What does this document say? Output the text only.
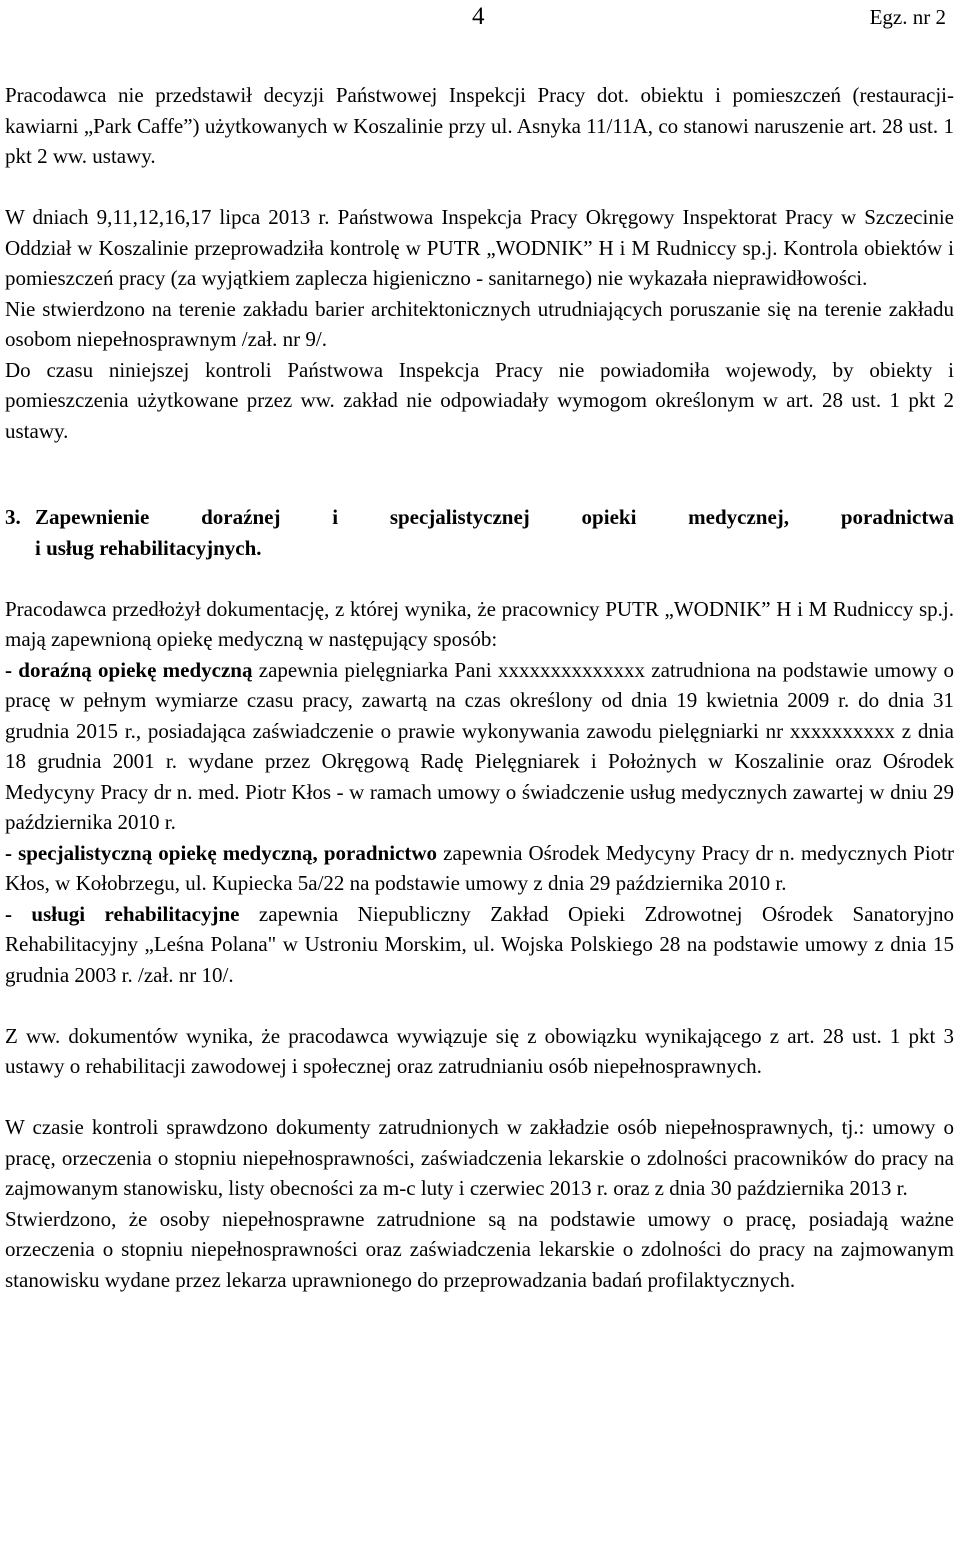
4	Egz. nr 2

Pracodawca nie przedstawił decyzji Państwowej Inspekcji Pracy dot. obiektu i pomieszczeń (restauracji-kawiarni „Park Caffe”) użytkowanych w Koszalinie przy ul. Asnyka 11/11A, co stanowi naruszenie art. 28 ust. 1 pkt 2 ww. ustawy.

W dniach 9,11,12,16,17 lipca 2013 r. Państwowa Inspekcja Pracy Okręgowy Inspektorat Pracy w Szczecinie Oddział w Koszalinie przeprowadziła kontrolę w PUTR „WODNIK” H i M Rudniccy sp.j. Kontrola obiektów i pomieszczeń pracy (za wyjątkiem zaplecza higieniczno - sanitarnego) nie wykazała nieprawidłowości.

Nie stwierdzono na terenie zakładu barier architektonicznych utrudniających poruszanie się na terenie zakładu osobom niepełnosprawnym /zał. nr 9/.

Do czasu niniejszej kontroli Państwowa Inspekcja Pracy nie powiadomiła wojewody, by obiekty i pomieszczenia użytkowane przez ww. zakład nie odpowiadały wymogom określonym w art. 28 ust. 1 pkt 2 ustawy.

3. Zapewnienie doraźnej i specjalistycznej opieki medycznej, poradnictwa
i usług rehabilitacyjnych.

Pracodawca przedłożył dokumentację, z której wynika, że pracownicy PUTR „WODNIK” H i M Rudniccy sp.j. mają zapewnioną opiekę medyczną w następujący sposób:

- doraźną opiekę medyczną zapewnia pielęgniarka Pani xxxxxxxxxxxxxx zatrudniona na podstawie umowy o pracę w pełnym wymiarze czasu pracy, zawartą na czas określony od dnia 19 kwietnia 2009 r. do dnia 31 grudnia 2015 r., posiadająca zaświadczenie o prawie wykonywania zawodu pielęgniarki nr xxxxxxxxxx z dnia 18 grudnia 2001 r. wydane przez Okręgową Radę Pielęgniarek i Położnych w Koszalinie oraz Ośrodek Medycyny Pracy dr n. med. Piotr Kłos - w ramach umowy o świadczenie usług medycznych zawartej w dniu 29 października 2010 r.

- specjalistyczną opiekę medyczną, poradnictwo zapewnia Ośrodek Medycyny Pracy dr n. medycznych Piotr Kłos, w Kołobrzegu, ul. Kupiecka 5a/22 na podstawie umowy z dnia 29 października 2010 r.

- usługi rehabilitacyjne zapewnia Niepubliczny Zakład Opieki Zdrowotnej Ośrodek Sanatoryjno Rehabilitacyjny „Leśna Polana" w Ustroniu Morskim, ul. Wojska Polskiego 28 na podstawie umowy z dnia 15 grudnia 2003 r. /zał. nr 10/.

Z ww. dokumentów wynika, że pracodawca wywiązuje się z obowiązku wynikającego z art. 28 ust. 1 pkt 3 ustawy o rehabilitacji zawodowej i społecznej oraz zatrudnianiu osób niepełnosprawnych.

W czasie kontroli sprawdzono dokumenty zatrudnionych w zakładzie osób niepełnosprawnych, tj.: umowy o pracę, orzeczenia o stopniu niepełnosprawności, zaświadczenia lekarskie o zdolności pracowników do pracy na zajmowanym stanowisku, listy obecności za m-c luty i czerwiec 2013 r. oraz z dnia 30 października 2013 r.

Stwierdzono, że osoby niepełnosprawne zatrudnione są na podstawie umowy o pracę, posiadają ważne orzeczenia o stopniu niepełnosprawności oraz zaświadczenia lekarskie o zdolności do pracy na zajmowanym stanowisku wydane przez lekarza uprawnionego do przeprowadzania badań profilaktycznych.
